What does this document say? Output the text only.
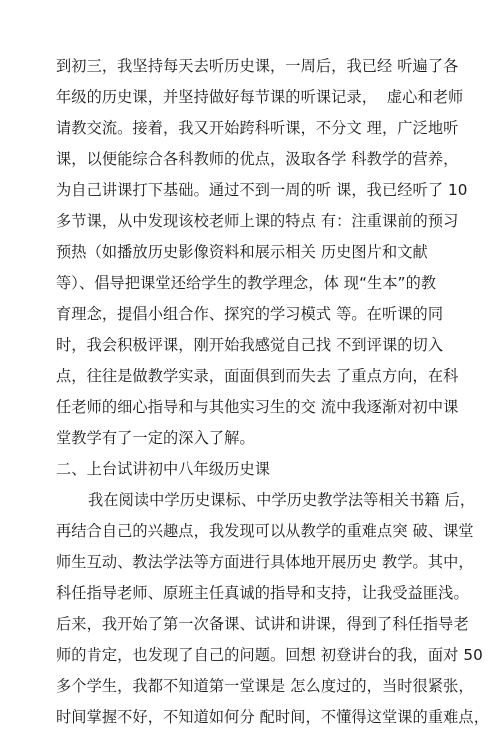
到初三，我坚持每天去听历史课，一周后，我已经 听遍了各
年级的历史课，并坚持做好每节课的听课记录，  虚心和老师
请教交流。接着，我又开始跨科听课，不分文 理，广泛地听
课，以便能综合各科教师的优点，汲取各学 科教学的营养，
为自己讲课打下基础。通过不到一周的听 课，我已经听了 10
多节课，从中发现该校老师上课的特点 有：注重课前的预习
预热（如播放历史影像资料和展示相关 历史图片和文献
等）、倡导把课堂还给学生的教学理念，体 现“生本”的教
育理念，提倡小组合作、探究的学习模式 等。在听课的同
时，我会积极评课，刚开始我感觉自己找 不到评课的切入
点，往往是做教学实录，面面俱到而失去 了重点方向，在科
任老师的细心指导和与其他实习生的交 流中我逐渐对初中课
堂教学有了一定的深入了解。
二、上台试讲初中八年级历史课
我在阅读中学历史课标、中学历史教学法等相关书籍 后，
再结合自己的兴趣点，我发现可以从教学的重难点突 破、课堂
师生互动、教法学法等方面进行具体地开展历史 教学。其中，
科任指导老师、原班主任真诚的指导和支持，让我受益匪浅。
后来，我开始了第一次备课、试讲和讲课，得到了科任指导老
师的肯定，也发现了自己的问题。回想 初登讲台的我，面对 50
多个学生，我都不知道第一堂课是 怎么度过的，当时很紧张，
时间掌握不好，不知道如何分 配时间，不懂得这堂课的重难点，
